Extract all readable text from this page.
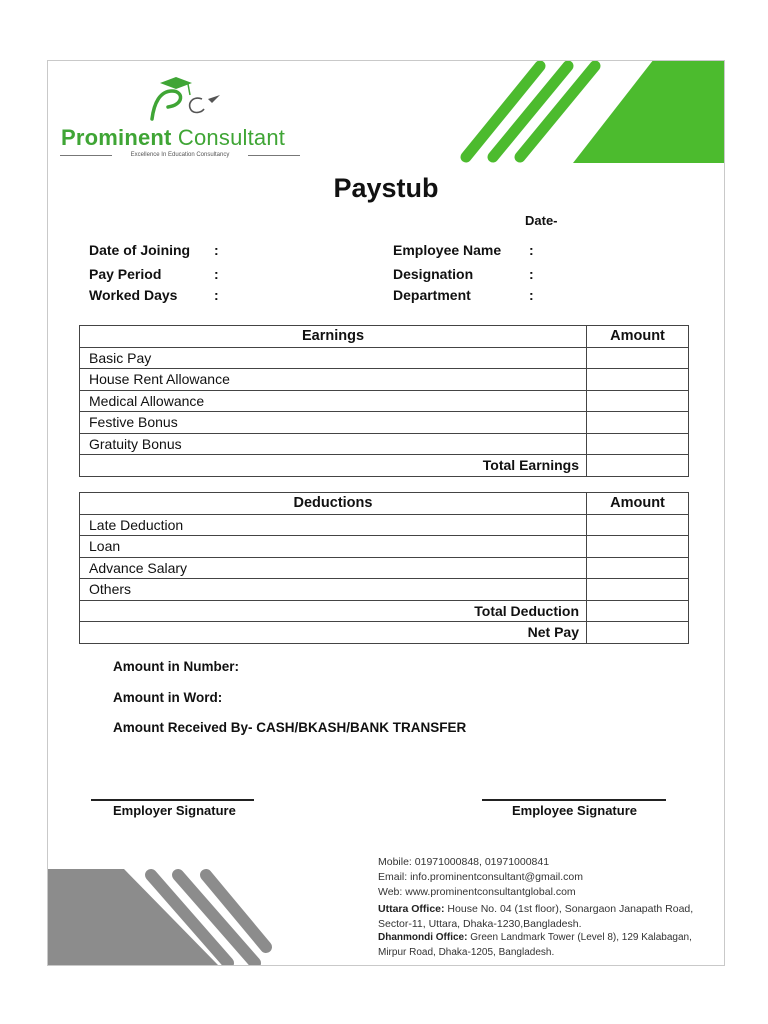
Prominent Consultant
Excellence In Education Consultancy
Paystub
Date-
Date of Joining :
Pay Period	:
Worked Days	:
Employee Name :
Designation	:
Department	:
Earnings	Amount
Basic Pay	
House Rent Allowance	
Medical Allowance	
Festive Bonus	
Gratuity Bonus	
Total Earnings	
Deductions	Amount
Late Deduction	
Loan	
Advance Salary	
Others	
Total Deduction	
Net Pay	
Amount in Number:
Amount in Word:
Amount Received By- CASH/BKASH/BANK TRANSFER
Employer Signature	Employee Signature
Mobile: 01971000848, 01971000841
Email: info.prominentconsultant@gmail.com
Web: www.prominentconsultantglobal.com
Uttara Office: House No. 04 (1st floor), Sonargaon Janapath Road,
Sector-11, Uttara, Dhaka-1230,Bangladesh.
Dhanmondi Office: Green Landmark Tower (Level 8), 129 Kalabagan,
Mirpur Road, Dhaka-1205, Bangladesh.
